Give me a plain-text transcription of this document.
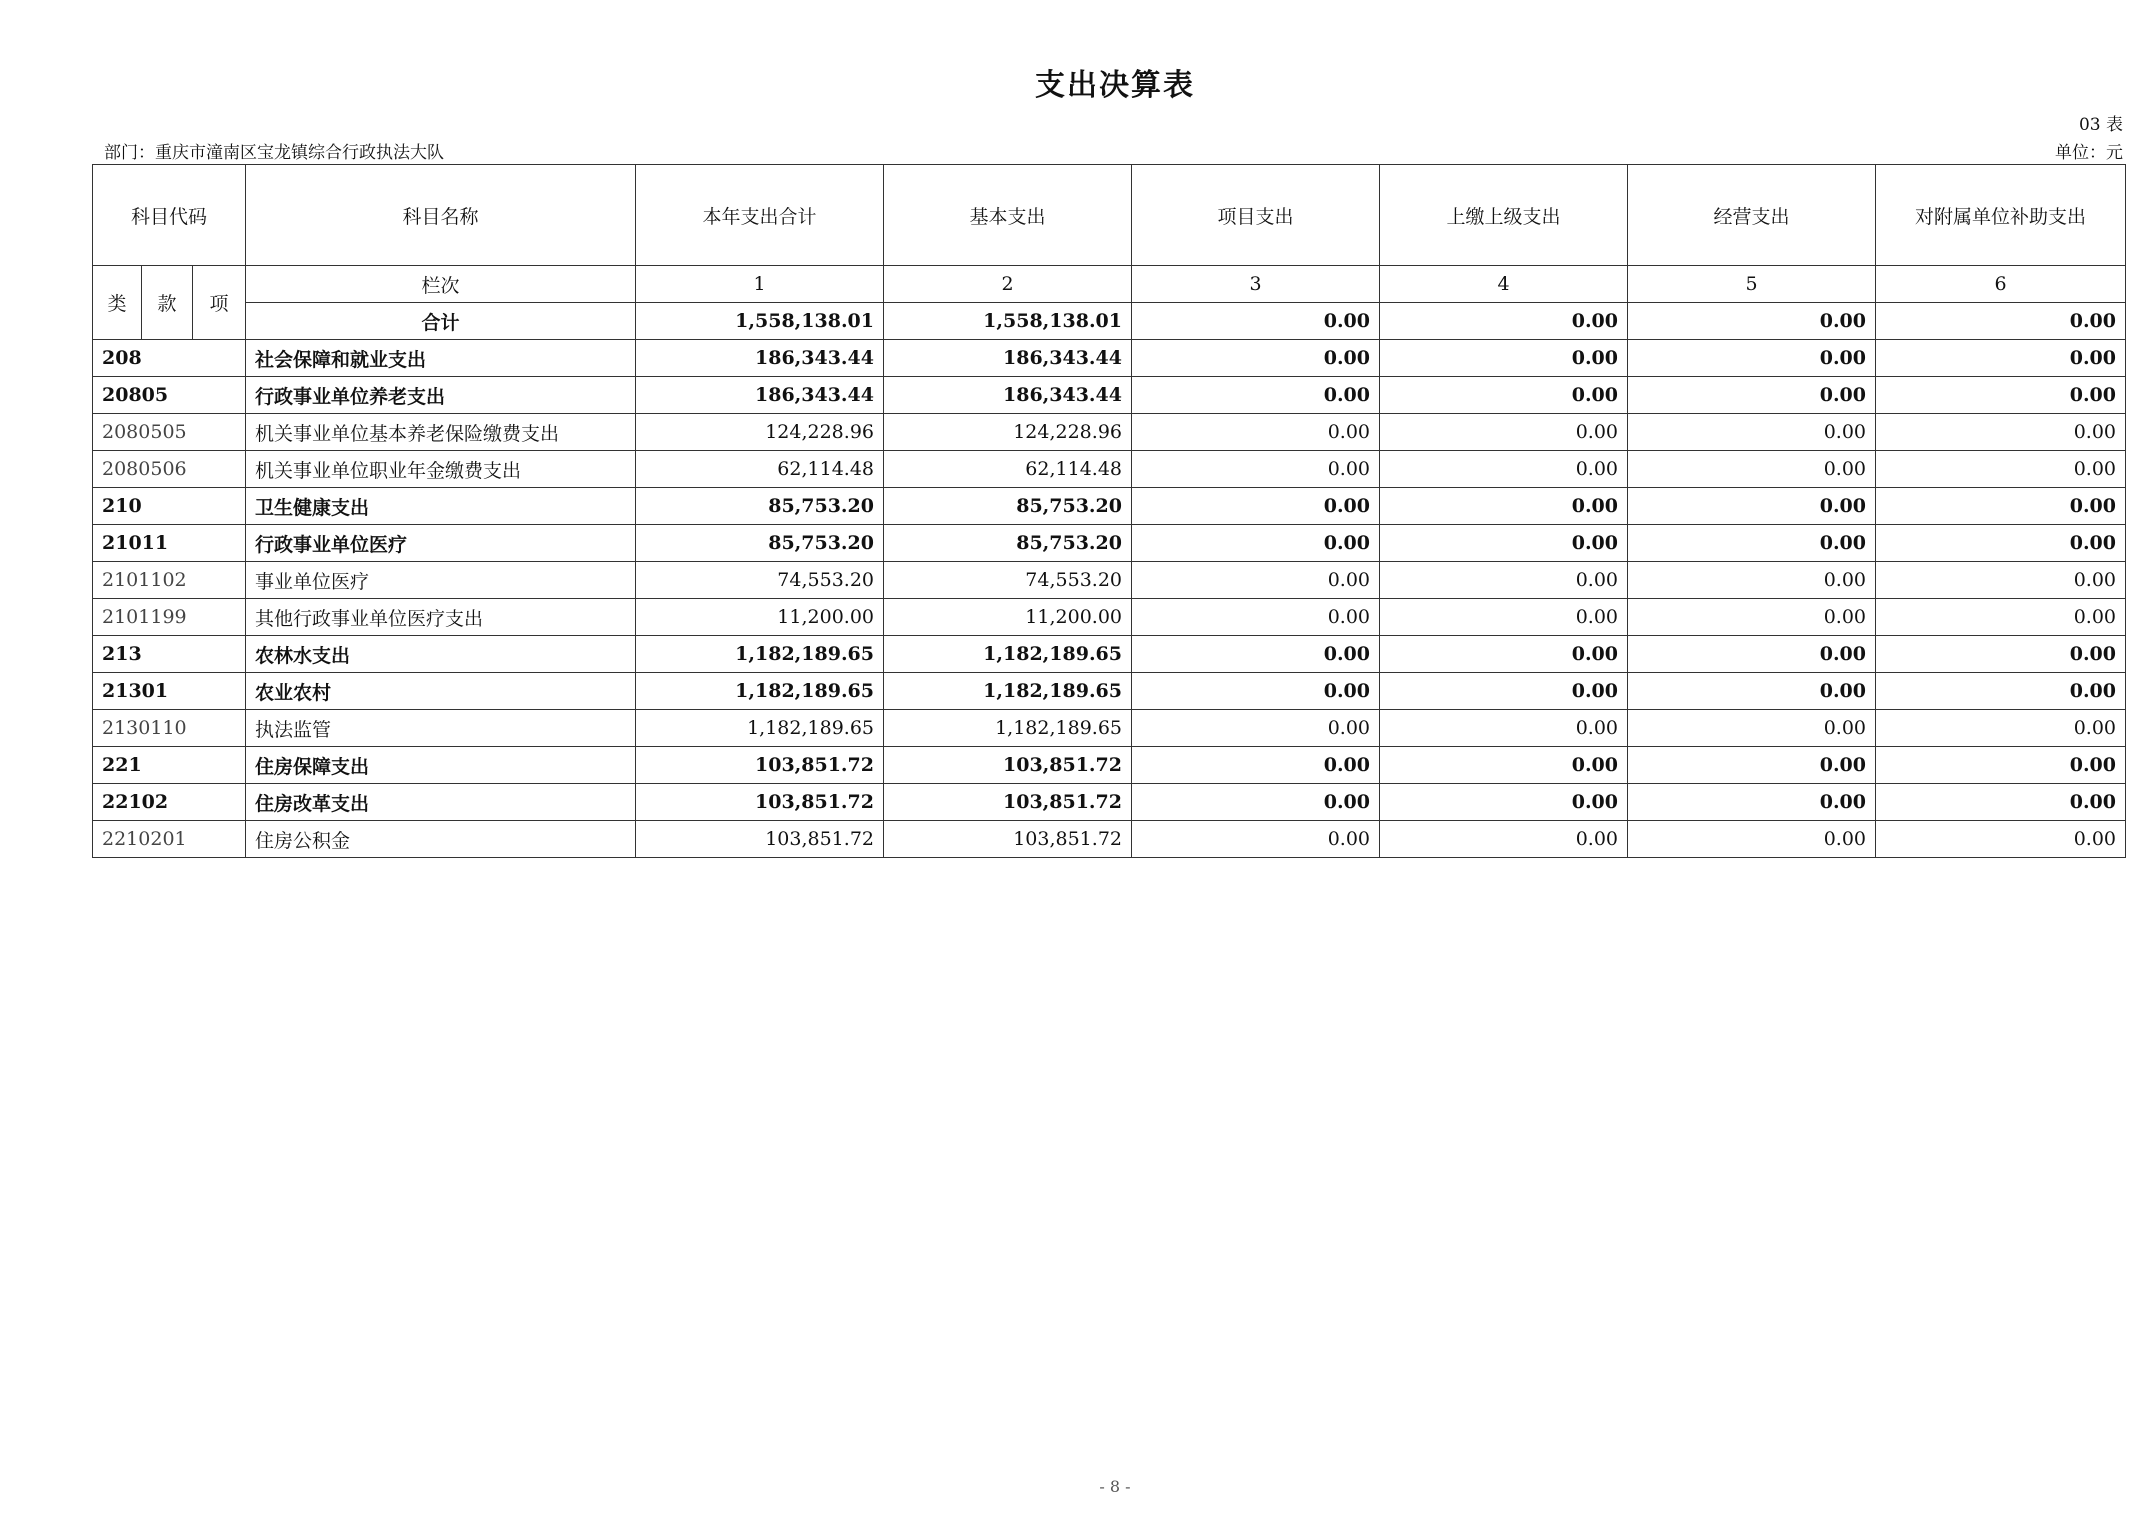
支出决算表
03 表
部门：重庆市潼南区宝龙镇综合行政执法大队	单位：元
科目代码			科目名称	本年支出合计	基本支出	项目支出	上缴上级支出	经营支出	对附属单位补助支出
类	款	项	栏次	1	2	3	4	5	6
			合计	1,558,138.01	1,558,138.01	0.00	0.00	0.00	0.00
208			社会保障和就业支出	186,343.44	186,343.44	0.00	0.00	0.00	0.00
20805			行政事业单位养老支出	186,343.44	186,343.44	0.00	0.00	0.00	0.00
2080505			机关事业单位基本养老保险缴费支出	124,228.96	124,228.96	0.00	0.00	0.00	0.00
2080506			机关事业单位职业年金缴费支出	62,114.48	62,114.48	0.00	0.00	0.00	0.00
210			卫生健康支出	85,753.20	85,753.20	0.00	0.00	0.00	0.00
21011			行政事业单位医疗	85,753.20	85,753.20	0.00	0.00	0.00	0.00
2101102			事业单位医疗	74,553.20	74,553.20	0.00	0.00	0.00	0.00
2101199			其他行政事业单位医疗支出	11,200.00	11,200.00	0.00	0.00	0.00	0.00
213			农林水支出	1,182,189.65	1,182,189.65	0.00	0.00	0.00	0.00
21301			农业农村	1,182,189.65	1,182,189.65	0.00	0.00	0.00	0.00
2130110			执法监管	1,182,189.65	1,182,189.65	0.00	0.00	0.00	0.00
221			住房保障支出	103,851.72	103,851.72	0.00	0.00	0.00	0.00
22102			住房改革支出	103,851.72	103,851.72	0.00	0.00	0.00	0.00
2210201			住房公积金	103,851.72	103,851.72	0.00	0.00	0.00	0.00
- 8 -
